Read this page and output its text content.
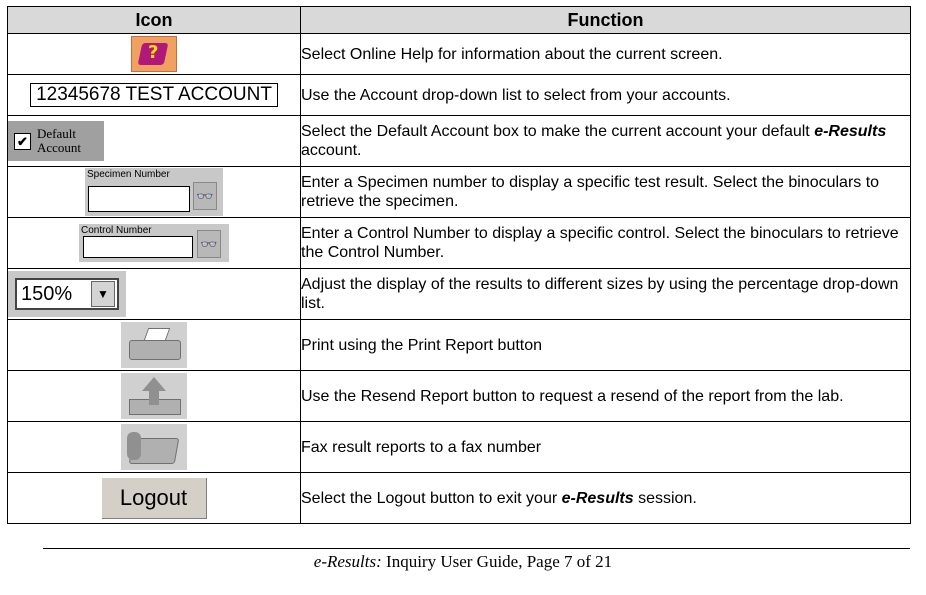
Icon	Function

?	Select Online Help for information about the current screen.
12345678 TEST ACCOUNT	Use the Account drop-down list to select from your accounts.

✔ Default
Account	Select the Default Account box to make the current account your default e-Results account.

Specimen Number
👓	Enter a Specimen number to display a specific test result. Select the binoculars to retrieve the specimen.

Control Number
👓	Enter a Control Number to display a specific control. Select the binoculars to retrieve the Control Number.

150% ▼	Adjust the display of the results to different sizes by using the percentage drop-down list.

	Print using the Print Report button

	Use the Resend Report button to request a resend of the report from the lab.

	Fax result reports to a fax number
Logout	Select the Logout button to exit your e-Results session.
e-Results: Inquiry User Guide, Page 7 of 21
